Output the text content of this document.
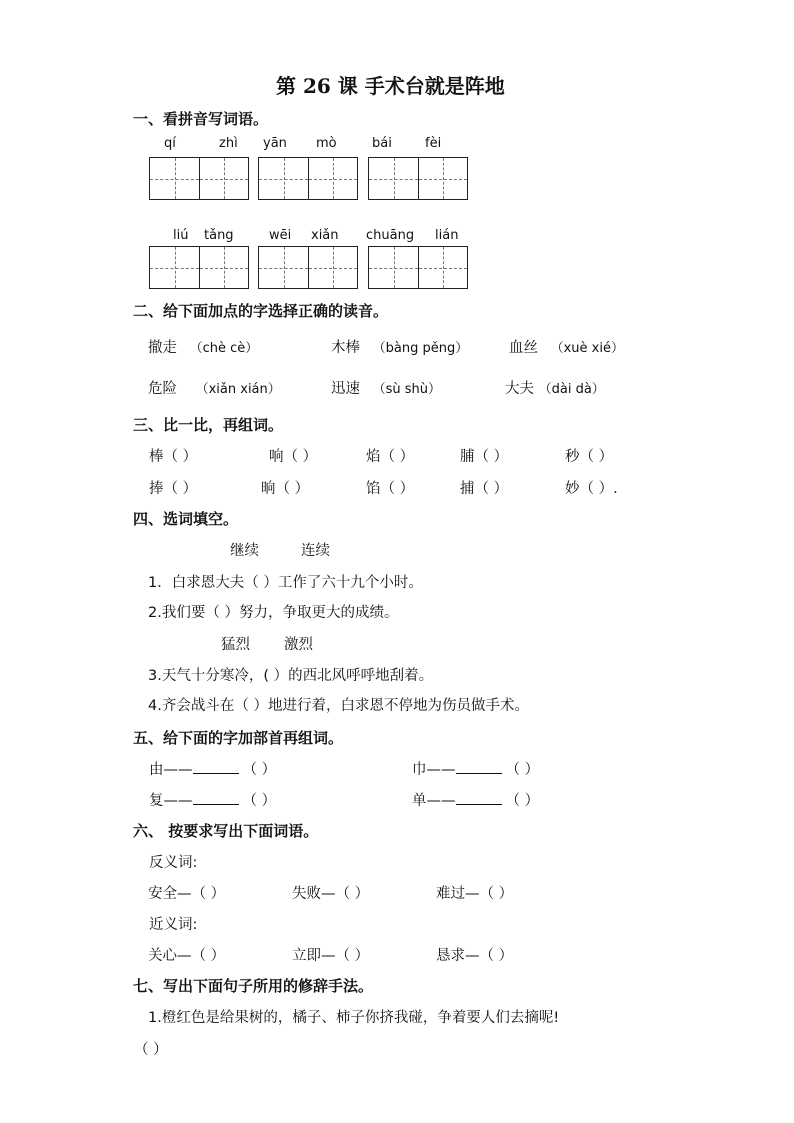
第 26 课 手术台就是阵地
一、看拼音写词语。
qí	zhì yān mò	bái	fèi
liú tǎng	wēi xiǎn chuāng lián
二、给下面加点的字选择正确的读音。
撤走 （chè cè）	木棒 （bàng pěng）	血丝 （xuè xié）
危险 （xiǎn xián）	迅速 （sù shù）	大夫 （dài dà）
三、比一比，再组词。
棒（ ）	响（ ）	焰（ ）	脯（ ）	秒（ ）
捧（ ）	晌（ ）	馅（ ）	捕（ ）	妙（ ）.
四、选词填空。
继续	连续
1．白求恩大夫（ ）工作了六十九个小时。
2.我们要（ ）努力，争取更大的成绩。
猛烈 激烈
3.天气十分寒冷，( ）的西北风呼呼地刮着。
4.齐会战斗在（ ）地进行着，白求恩不停地为伤员做手术。
五、给下面的字加部首再组词。
由——	（ ）	巾——	（ ）
复——	（ ）	单——	（ ）
六、 按要求写出下面词语。
反义词:
安全—（ ）	失败—（ ）	难过—（ ）
近义词:
关心—（ ）	立即—（ ）	恳求—（ ）
七、写出下面句子所用的修辞手法。
1.橙红色是给果树的，橘子、柿子你挤我碰，争着要人们去摘呢!
（ ）
